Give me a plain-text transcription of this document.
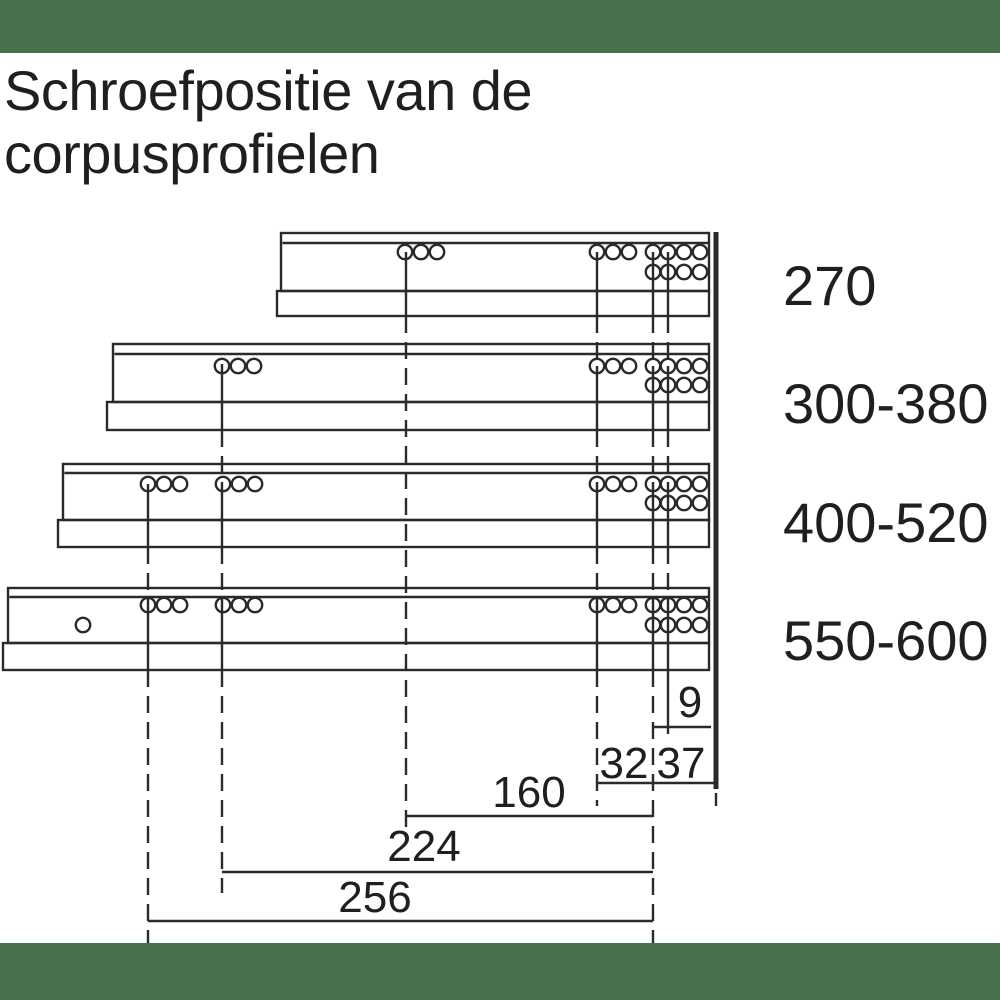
Schroefpositie van de
corpusprofielen
270
300-380
400-520
550-600
9
32 37
160
224
256
